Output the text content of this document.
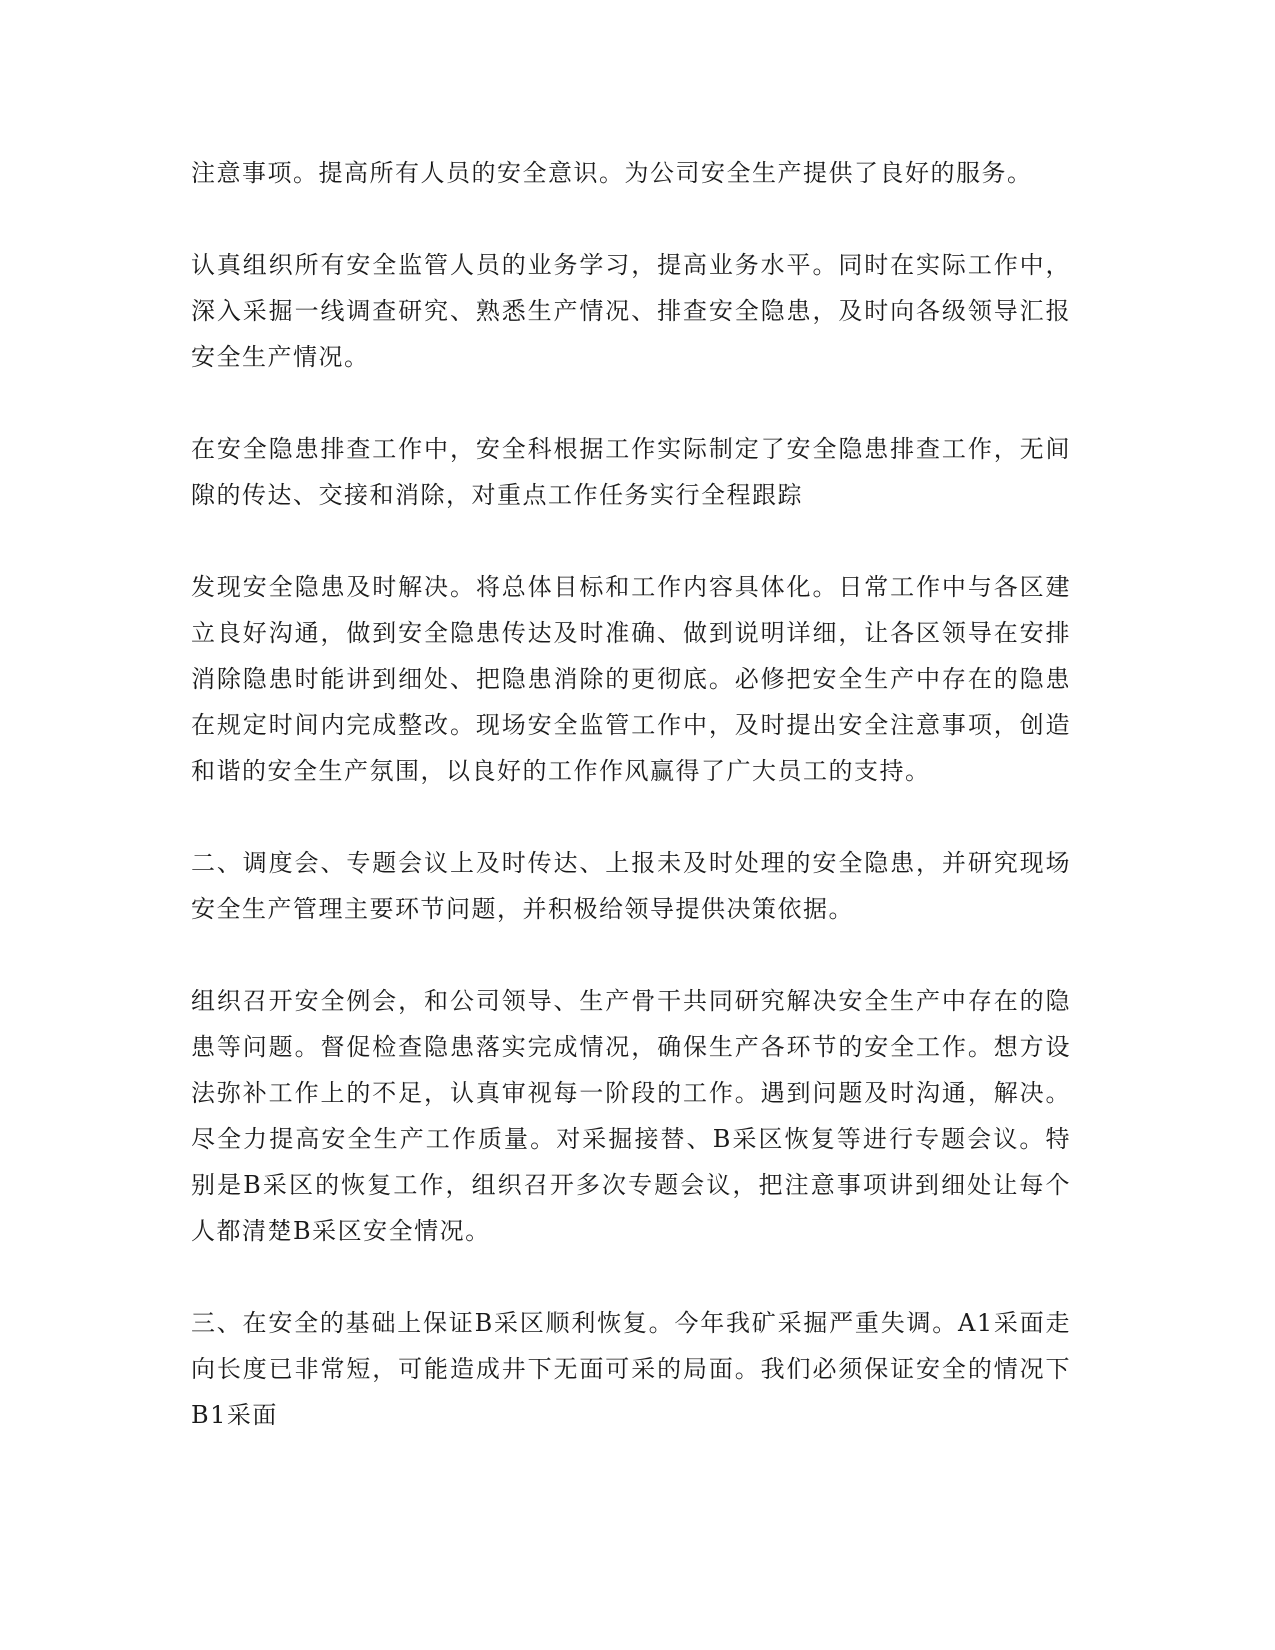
注意事项。提高所有人员的安全意识。为公司安全生产提供了良好的服务。

认真组织所有安全监管人员的业务学习，提高业务水平。同时在实际工作中，深入采掘一线调查研究、熟悉生产情况、排查安全隐患，及时向各级领导汇报安全生产情况。

在安全隐患排查工作中，安全科根据工作实际制定了安全隐患排查工作，无间隙的传达、交接和消除，对重点工作任务实行全程跟踪

发现安全隐患及时解决。将总体目标和工作内容具体化。日常工作中与各区建立良好沟通，做到安全隐患传达及时准确、做到说明详细，让各区领导在安排消除隐患时能讲到细处、把隐患消除的更彻底。必修把安全生产中存在的隐患在规定时间内完成整改。现场安全监管工作中，及时提出安全注意事项，创造和谐的安全生产氛围，以良好的工作作风赢得了广大员工的支持。

二、调度会、专题会议上及时传达、上报未及时处理的安全隐患，并研究现场安全生产管理主要环节问题，并积极给领导提供决策依据。

组织召开安全例会，和公司领导、生产骨干共同研究解决安全生产中存在的隐患等问题。督促检查隐患落实完成情况，确保生产各环节的安全工作。想方设法弥补工作上的不足，认真审视每一阶段的工作。遇到问题及时沟通，解决。尽全力提高安全生产工作质量。对采掘接替、B采区恢复等进行专题会议。特别是B采区的恢复工作，组织召开多次专题会议，把注意事项讲到细处让每个人都清楚B采区安全情况。

三、在安全的基础上保证B采区顺利恢复。今年我矿采掘严重失调。A1采面走向长度已非常短，可能造成井下无面可采的局面。我们必须保证安全的情况下B1采面
